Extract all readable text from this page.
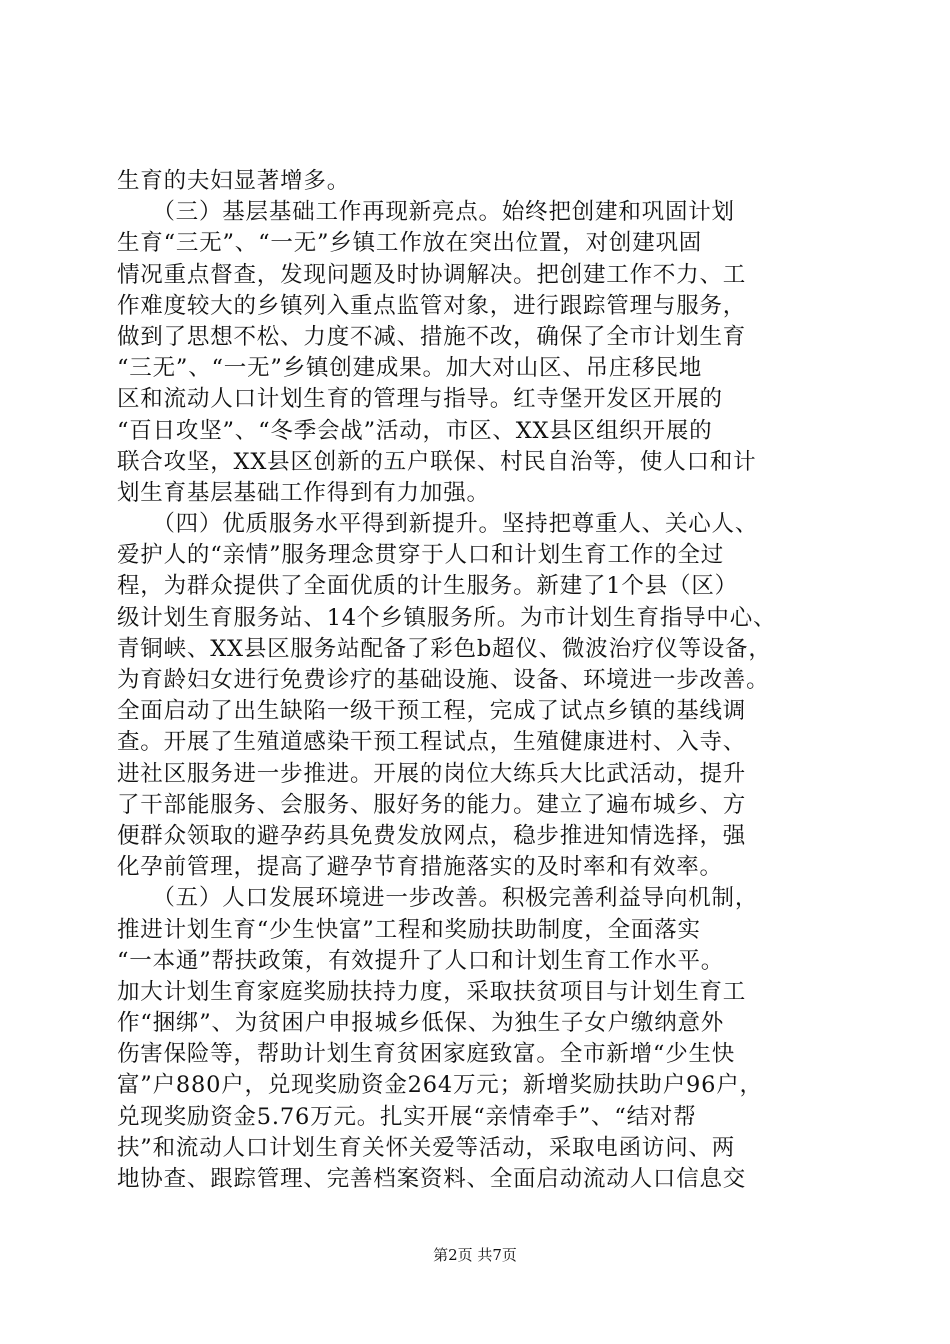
生育的夫妇显著增多。
　　（三）基层基础工作再现新亮点。始终把创建和巩固计划
生育“三无”、“一无”乡镇工作放在突出位置，对创建巩固
情况重点督查，发现问题及时协调解决。把创建工作不力、工
作难度较大的乡镇列入重点监管对象，进行跟踪管理与服务，
做到了思想不松、力度不减、措施不改，确保了全市计划生育
“三无”、“一无”乡镇创建成果。加大对山区、吊庄移民地
区和流动人口计划生育的管理与指导。红寺堡开发区开展的
“百日攻坚”、“冬季会战”活动，市区、XX县区组织开展的
联合攻坚，XX县区创新的五户联保、村民自治等，使人口和计
划生育基层基础工作得到有力加强。
　　（四）优质服务水平得到新提升。坚持把尊重人、关心人、
爱护人的“亲情”服务理念贯穿于人口和计划生育工作的全过
程，为群众提供了全面优质的计生服务。新建了1个县（区）
级计划生育服务站、14个乡镇服务所。为市计划生育指导中心、
青铜峡、XX县区服务站配备了彩色b超仪、微波治疗仪等设备，
为育龄妇女进行免费诊疗的基础设施、设备、环境进一步改善。
全面启动了出生缺陷一级干预工程，完成了试点乡镇的基线调
查。开展了生殖道感染干预工程试点，生殖健康进村、入寺、
进社区服务进一步推进。开展的岗位大练兵大比武活动，提升
了干部能服务、会服务、服好务的能力。建立了遍布城乡、方
便群众领取的避孕药具免费发放网点，稳步推进知情选择，强
化孕前管理，提高了避孕节育措施落实的及时率和有效率。
　　（五）人口发展环境进一步改善。积极完善利益导向机制，
推进计划生育“少生快富”工程和奖励扶助制度，全面落实
“一本通”帮扶政策，有效提升了人口和计划生育工作水平。
加大计划生育家庭奖励扶持力度，采取扶贫项目与计划生育工
作“捆绑”、为贫困户申报城乡低保、为独生子女户缴纳意外
伤害保险等，帮助计划生育贫困家庭致富。全市新增“少生快
富”户880户，兑现奖励资金264万元；新增奖励扶助户96户，
兑现奖励资金5.76万元。扎实开展“亲情牵手”、“结对帮
扶”和流动人口计划生育关怀关爱等活动，采取电函访问、两
地协查、跟踪管理、完善档案资料、全面启动流动人口信息交
第2页 共7页
